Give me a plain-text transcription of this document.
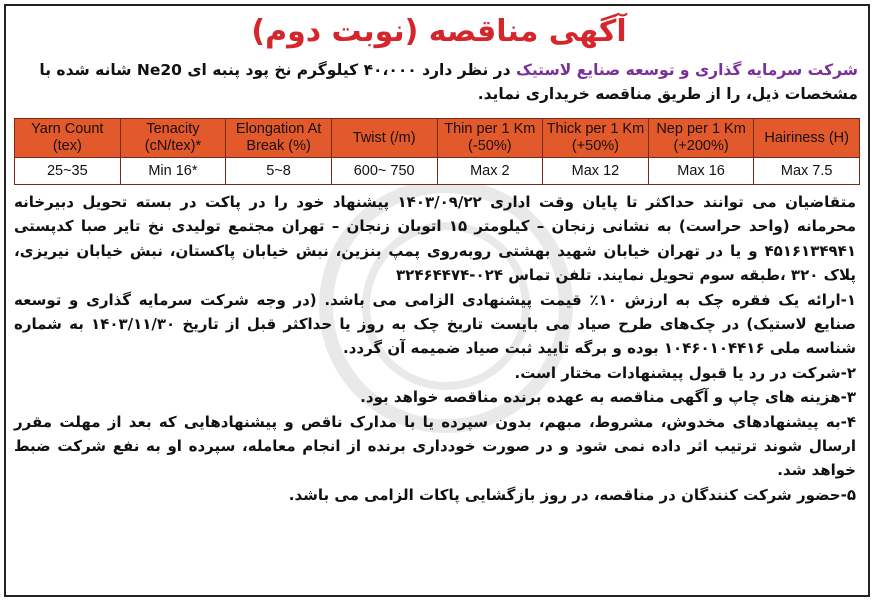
آگهی مناقصه (نوبت دوم)
شرکت سرمایه گذاری و توسعه صنایع لاستیک در نظر دارد ۴۰،۰۰۰ کیلوگرم نخ پود پنبه ای Ne20 شانه شده با مشخصات ذیل، را از طریق مناقصه خریداری نماید.
Yarn Count (tex)	Tenacity (cN/tex)*	Elongation At Break (%)	Twist (/m)	Thin per 1 Km (-50%)	Thick per 1 Km (+50%)	Nep per 1 Km (+200%)	Hairiness (H)
25~35	Min 16*	5~8	600~ 750	Max 2	Max 12	Max 16	Max 7.5

متقاضیان می توانند حداکثر تا پایان وقت اداری ۱۴۰۳/۰۹/۲۲ پیشنهاد خود را در پاکت در بسته تحویل دبیرخانه محرمانه (واحد حراست) به نشانی زنجان – کیلومتر ۱۵ اتوبان زنجان – تهران مجتمع تولیدی نخ تایر صبا کدپستی ۴۵۱۶۱۳۴۹۴۱ و یا در تهران خیابان شهید بهشتی روبه‌روی پمپ بنزین، نبش خیابان پاکستان، نبش خیابان نیریزی، پلاک ۳۲۰ ،طبقه سوم تحویل نمایند. تلفن تماس ۰۲۴-۳۲۴۶۴۴۷۴

۱-ارائه یک فقره چک به ارزش ۱۰٪ قیمت پیشنهادی الزامی می باشد. (در وجه شرکت سرمایه گذاری و توسعه صنایع لاستیک) در چک‌های طرح صیاد می بایست تاریخ چک به روز یا حداکثر قبل از تاریخ ۱۴۰۳/۱۱/۳۰ به شماره شناسه ملی ۱۰۴۶۰۱۰۴۴۱۶ بوده و برگه تایید ثبت صیاد ضمیمه آن گردد.

۲-شرکت در رد یا قبول پیشنهادات مختار است.

۳-هزینه های چاپ و آگهی مناقصه به عهده برنده مناقصه خواهد بود.

۴-به پیشنهادهای مخدوش، مشروط، مبهم، بدون سپرده یا با مدارک ناقص و پیشنهادهایی که بعد از مهلت مقرر ارسال شوند ترتیب اثر داده نمی شود و در صورت خودداری برنده از انجام معامله، سپرده او به نفع شرکت ضبط خواهد شد.

۵-حضور شرکت کنندگان در مناقصه، در روز بازگشایی پاکات الزامی می باشد.
